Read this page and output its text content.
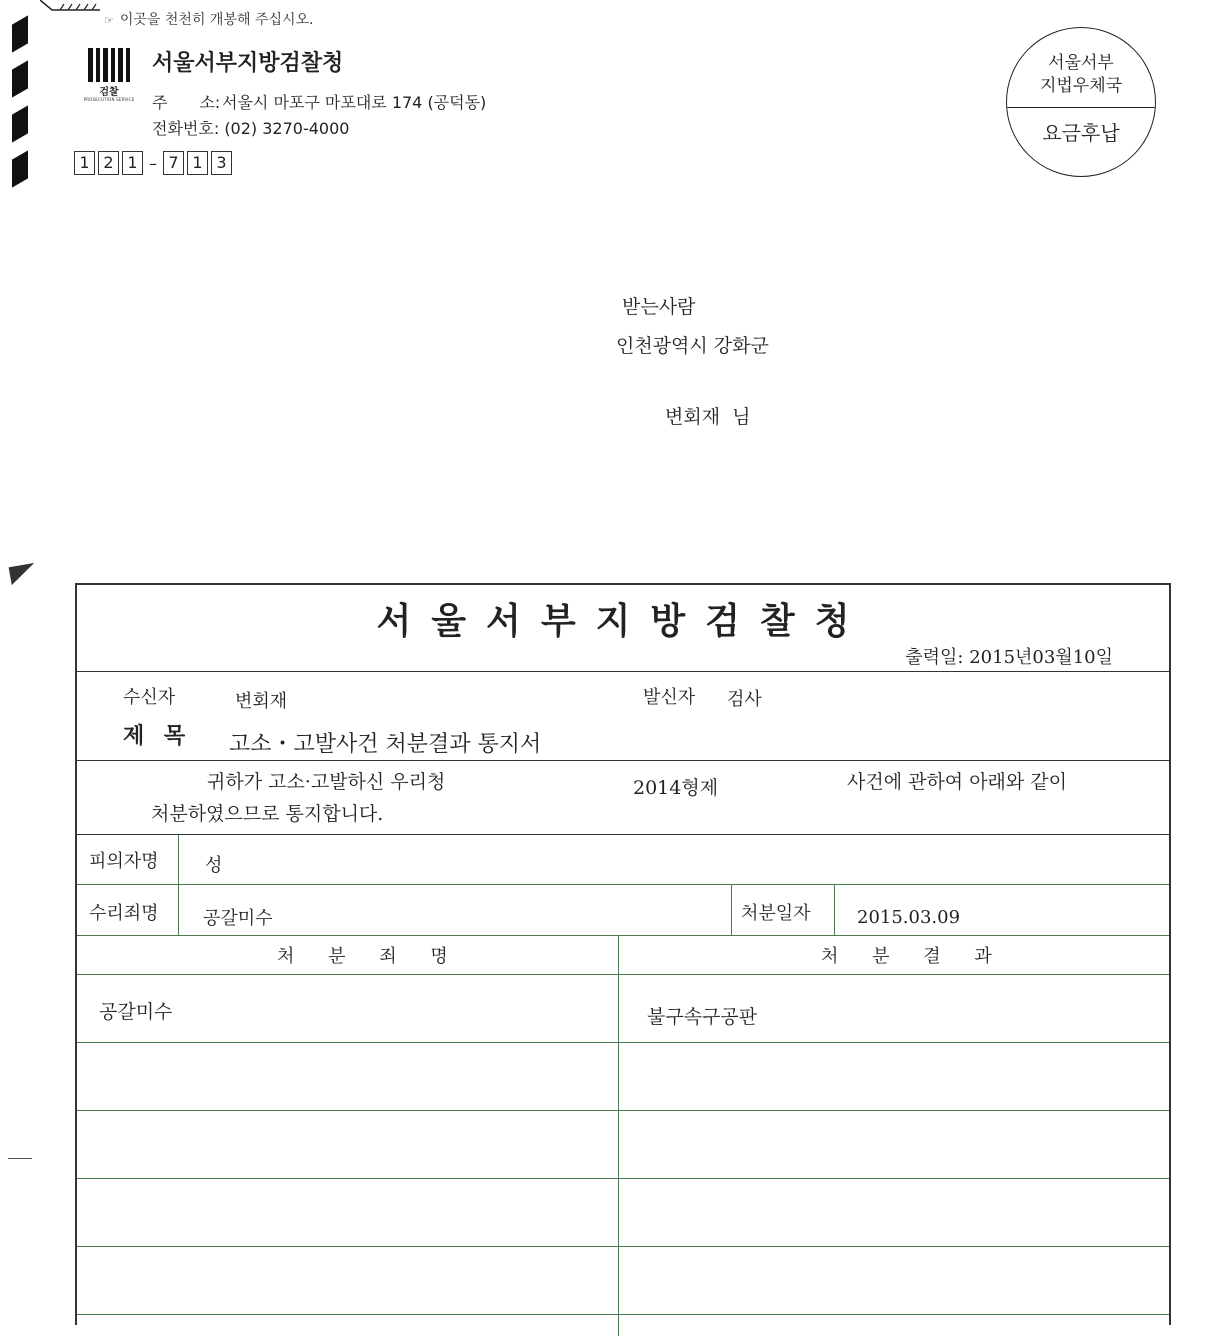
☞ 이곳을 천천히 개봉해 주십시오.
검찰
PROSECUTION SERVICE
서울서부지방검찰청
주　　소: 서울시 마포구 마포대로 174 (공덕동)
전화번호: (02) 3270-4000
1 2 1 – 7 1 3
서울서부
지법우체국
요금후납
받는사람
인천광역시 강화군
변회재 님
서울서부지방검찰청
출력일: 2015년03월10일
수신자	변회재	발신자 검사
제 목 고소・고발사건 처분결과 통지서
귀하가 고소·고발하신 우리청	2014형제	사건에 관하여 아래와 같이
처분하였으므로 통지합니다.
피의자명	성
수리죄명 공갈미수	처분일자	2015.03.09
처 분 죄 명	처 분 결 과
공갈미수	불구속구공판
